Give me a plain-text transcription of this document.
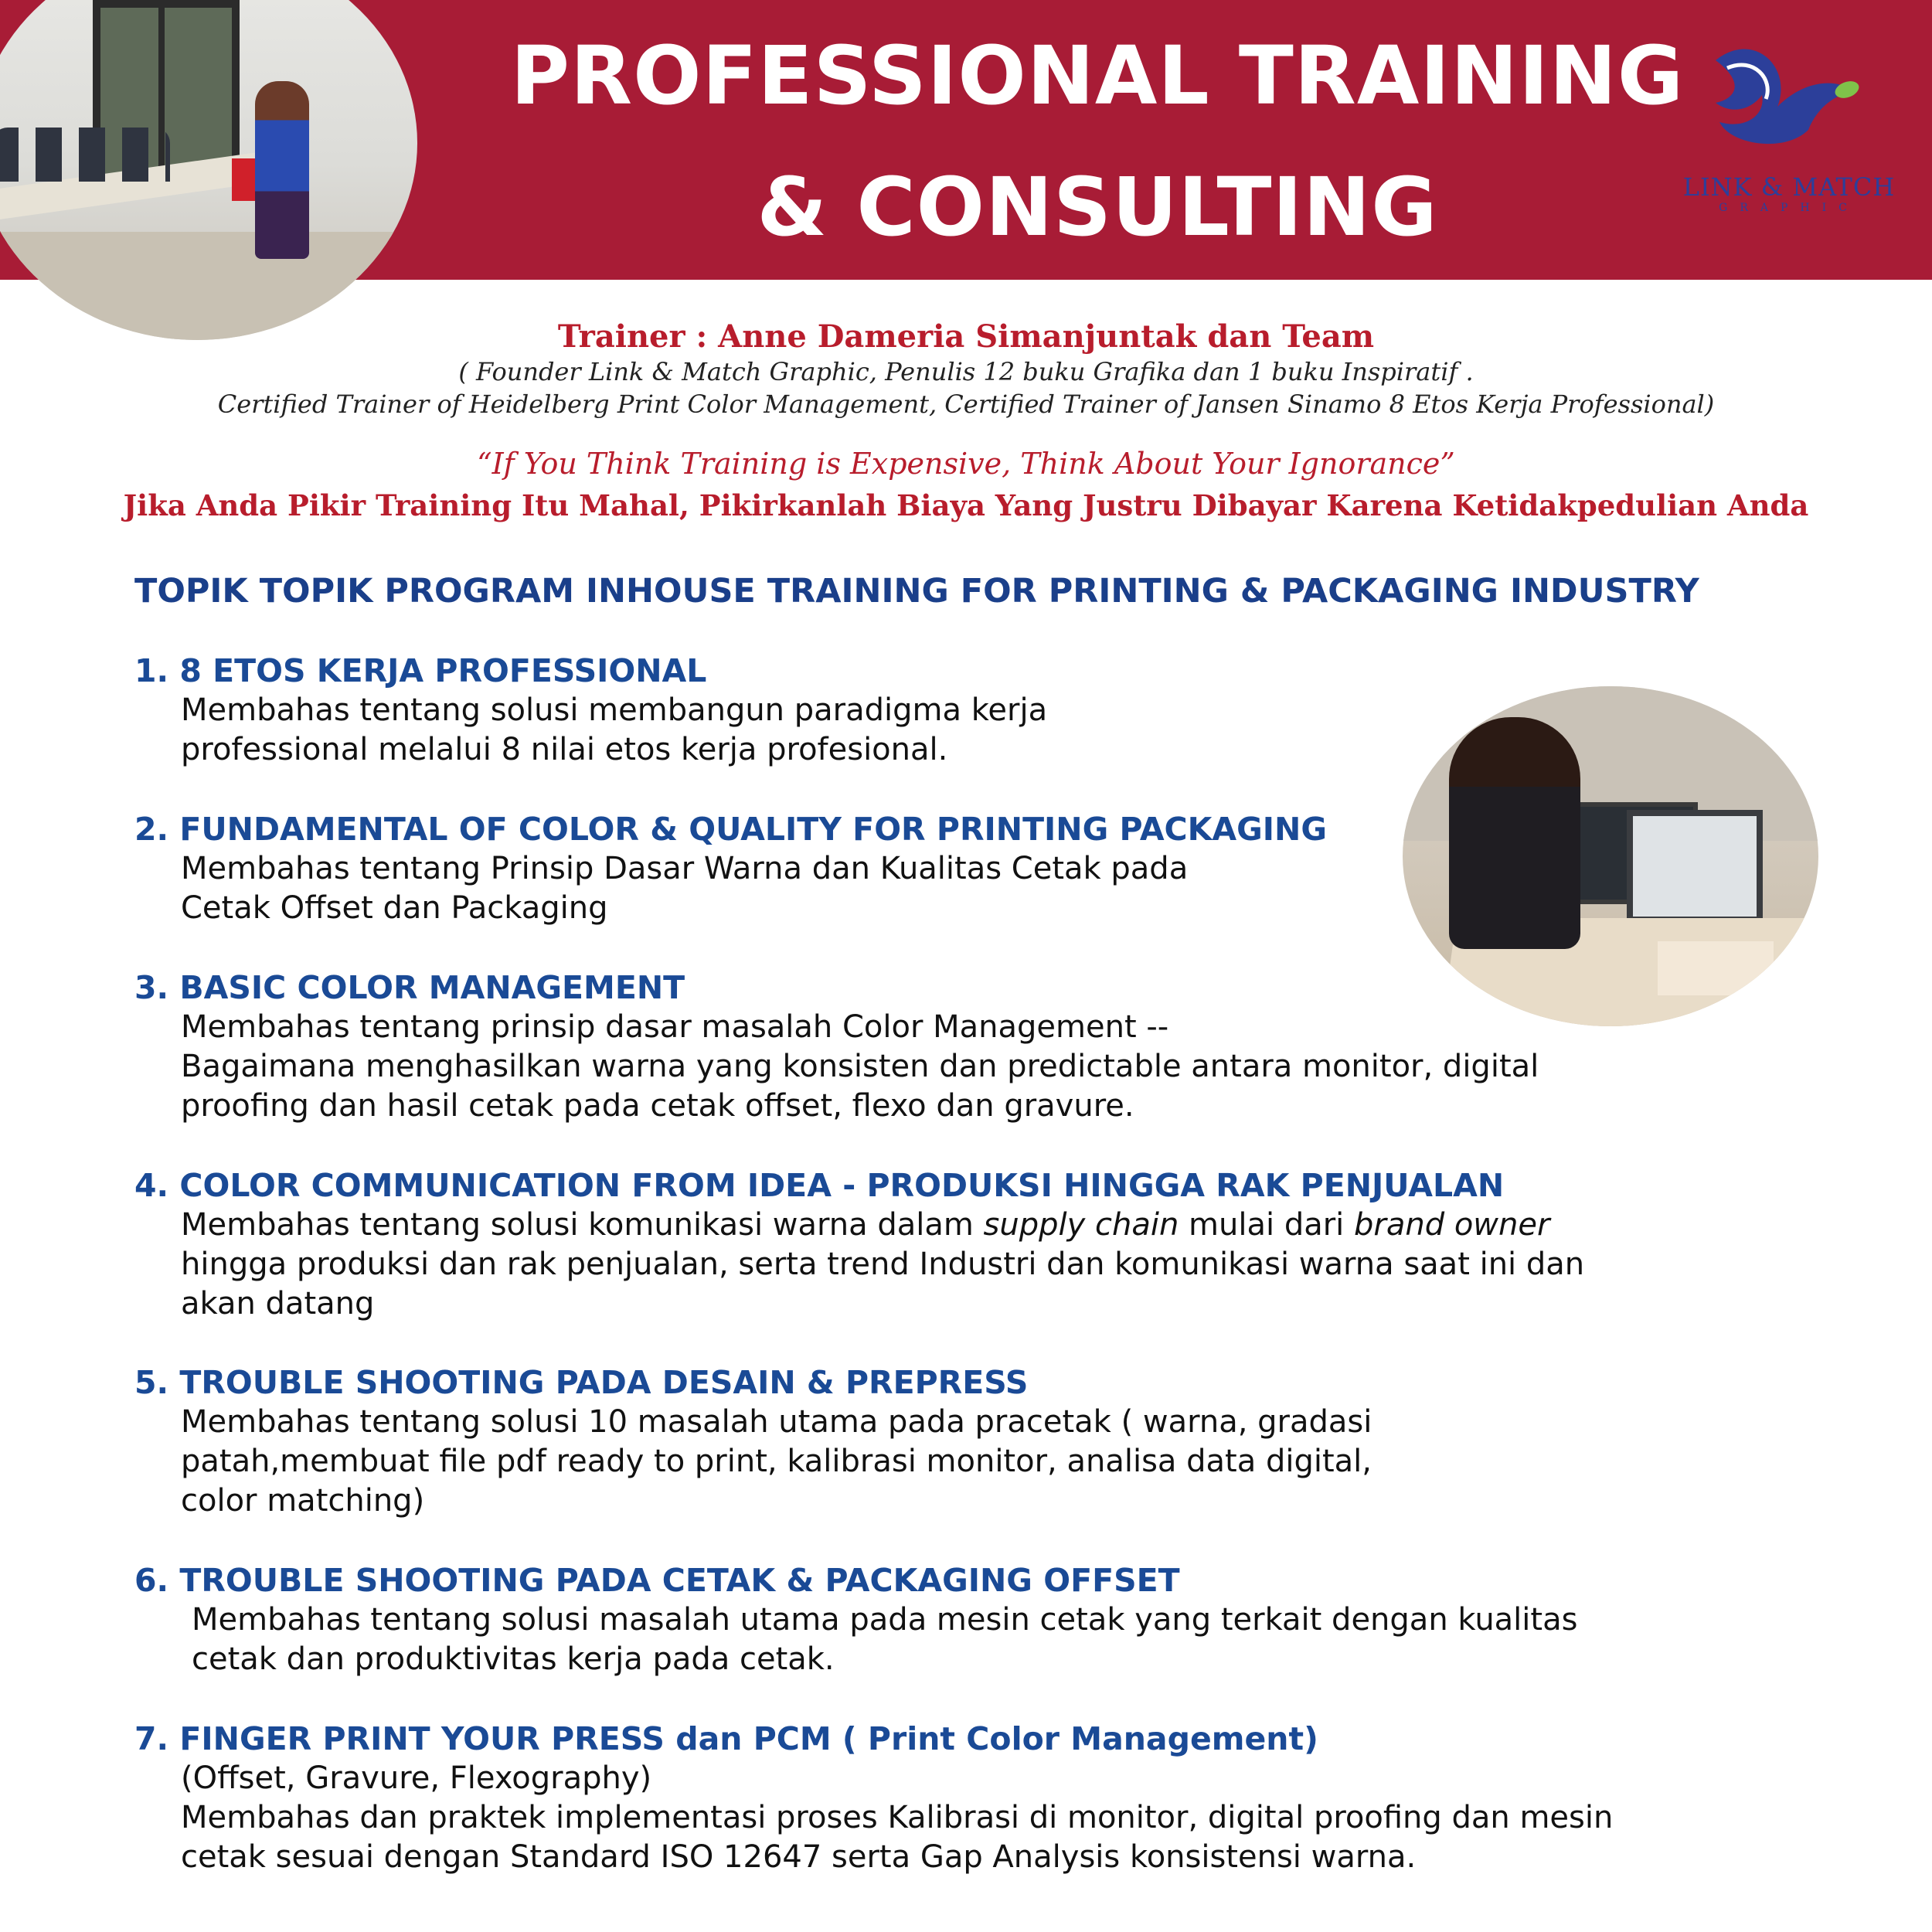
PROFESSIONAL TRAINING
& CONSULTING	LINK & MATCH
GRAPHIC
Trainer : Anne Dameria Simanjuntak dan Team
( Founder Link & Match Graphic, Penulis 12 buku Grafika dan 1 buku Inspiratif .
Certified Trainer of Heidelberg Print Color Management, Certified Trainer of Jansen Sinamo 8 Etos Kerja Professional)
“If You Think Training is Expensive, Think About Your Ignorance”
Jika Anda Pikir Training Itu Mahal, Pikirkanlah Biaya Yang Justru Dibayar Karena Ketidakpedulian Anda
TOPIK TOPIK PROGRAM INHOUSE TRAINING FOR PRINTING & PACKAGING INDUSTRY
1. 8 ETOS KERJA PROFESSIONAL
Membahas tentang solusi membangun paradigma kerja
professional melalui 8 nilai etos kerja profesional.
2. FUNDAMENTAL OF COLOR & QUALITY FOR PRINTING PACKAGING
Membahas tentang Prinsip Dasar Warna dan Kualitas Cetak pada
Cetak Offset dan Packaging
3. BASIC COLOR MANAGEMENT
Membahas tentang prinsip dasar masalah Color Management --
Bagaimana menghasilkan warna yang konsisten dan predictable antara monitor, digital
proofing dan hasil cetak pada cetak offset, flexo dan gravure.
4. COLOR COMMUNICATION FROM IDEA - PRODUKSI HINGGA RAK PENJUALAN
Membahas tentang solusi komunikasi warna dalam supply chain mulai dari brand owner
hingga produksi dan rak penjualan, serta trend Industri dan komunikasi warna saat ini dan
akan datang
5. TROUBLE SHOOTING PADA DESAIN & PREPRESS
Membahas tentang solusi 10 masalah utama pada pracetak ( warna, gradasi
patah,membuat file pdf ready to print, kalibrasi monitor, analisa data digital,
color matching)
6. TROUBLE SHOOTING PADA CETAK & PACKAGING OFFSET
Membahas tentang solusi masalah utama pada mesin cetak yang terkait dengan kualitas
cetak dan produktivitas kerja pada cetak.
7. FINGER PRINT YOUR PRESS dan PCM ( Print Color Management)
(Offset, Gravure, Flexography)
Membahas dan praktek implementasi proses Kalibrasi di monitor, digital proofing dan mesin
cetak sesuai dengan Standard ISO 12647 serta Gap Analysis konsistensi warna.
